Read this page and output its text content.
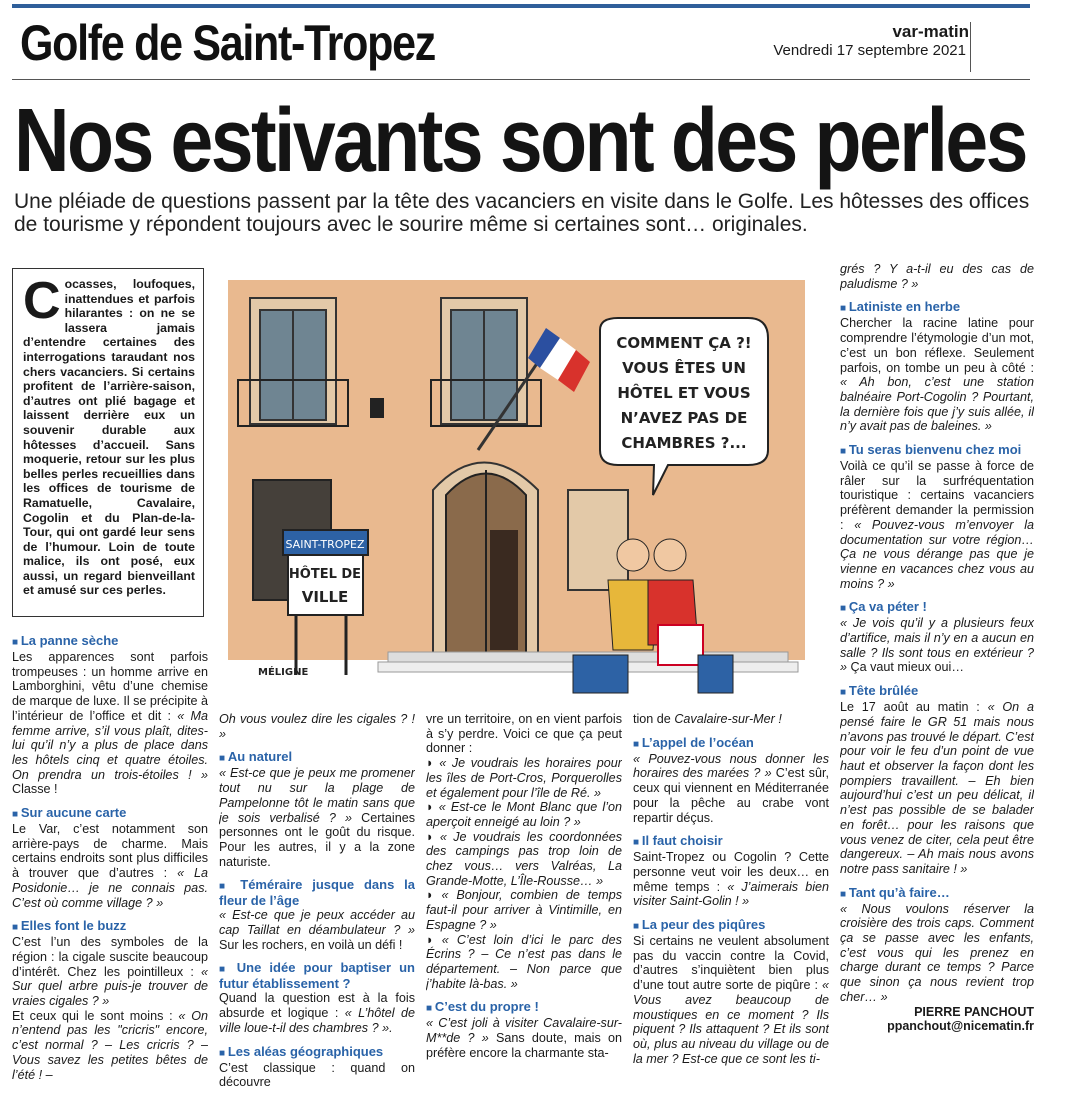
Golfe de Saint-Tropez	var-matin
Vendredi 17 septembre 2021
Nos estivants sont des perles

Une pléiade de questions passent par la tête des vacanciers en visite dans le Golfe. Les hôtesses des offices de tourisme y répondent toujours avec le sourire même si certaines sont… originales.

Cocasses, loufoques, inattendues et parfois hilarantes : on ne se lassera jamais d’entendre certaines des interrogations taraudant nos chers vacanciers. Si certains profitent de l’arrière-saison, d’autres ont plié bagage et laissent derrière eux un souvenir durable aux hôtesses d’accueil. Sans moquerie, retour sur les plus belles perles recueillies dans les offices de tourisme de Ramatuelle, Cavalaire, Cogolin et du Plan-de-la-Tour, qui ont gardé leur sens de l’humour. Loin de toute malice, ils ont posé, eux aussi, un regard bienveillant et amusé sur ces perles.
COMMENT ÇA ?!
VOUS ÊTES UN
HÔTEL ET VOUS
N’AVEZ PAS DE
CHAMBRES ?...
SAINT-TROPEZ
HÔTEL DE
VILLE
MÉLIGNE
■ La panne sèche

Les apparences sont parfois trompeuses : un homme arrive en Lamborghini, vêtu d’une chemise de marque de luxe. Il se précipite à l’intérieur de l’office et dit : « Ma femme arrive, s’il vous plaît, dites-lui qu’il n’y a plus de place dans les hôtels cinq et quatre étoiles. On prendra un trois-étoiles ! » Classe !

■ Sur aucune carte

Le Var, c’est notamment son arrière-pays de charme. Mais certains endroits sont plus difficiles à trouver que d’autres : « La Posidonie… je ne connais pas. C’est où comme village ? »

■ Elles font le buzz

C’est l’un des symboles de la région : la cigale suscite beaucoup d’intérêt. Chez les pointilleux : « Sur quel arbre puis-je trouver de vraies cigales ? »

Et ceux qui le sont moins : « On n’entend pas les "cricris" encore, c’est normal ? – Les cricris ? – Vous savez les petites bêtes de l’été ! –

Oh vous voulez dire les cigales ? ! »

■ Au naturel

« Est-ce que je peux me promener tout nu sur la plage de Pampelonne tôt le matin sans que je sois verbalisé ? » Certaines personnes ont le goût du risque. Pour les autres, il y a la zone naturiste.

■ Téméraire jusque dans la fleur de l’âge

« Est-ce que je peux accéder au cap Taillat en déambulateur ? » Sur les rochers, en voilà un défi !

■ Une idée pour baptiser un futur établissement ?

Quand la question est à la fois absurde et logique : « L’hôtel de ville loue-t-il des chambres ? ».

■ Les aléas géographiques

C’est classique : quand on découvre

vre un territoire, on en vient parfois à s’y perdre. Voici ce que ça peut donner :

◗ « Je voudrais les horaires pour les îles de Port-Cros, Porquerolles et également pour l’île de Ré. »

◗ « Est-ce le Mont Blanc que l’on aperçoit enneigé au loin ? »

◗ « Je voudrais les coordonnées des campings pas trop loin de chez vous… vers Valréas, La Grande-Motte, L’Île-Rousse… »

◗ « Bonjour, combien de temps faut-il pour arriver à Vintimille, en Espagne ? »

◗ « C’est loin d’ici le parc des Écrins ? – Ce n’est pas dans le département. – Non parce que j’habite là-bas. »

■ C’est du propre !

« C’est joli à visiter Cavalaire-sur-M**de ? » Sans doute, mais on préfère encore la charmante sta-

tion de Cavalaire-sur-Mer !

■ L’appel de l’océan

« Pouvez-vous nous donner les horaires des marées ? » C’est sûr, ceux qui viennent en Méditerranée pour la pêche au crabe vont repartir déçus.

■ Il faut choisir

Saint-Tropez ou Cogolin ? Cette personne veut voir les deux… en même temps : « J’aimerais bien visiter Saint-Golin ! »

■ La peur des piqûres

Si certains ne veulent absolument pas du vaccin contre la Covid, d’autres s’inquiètent bien plus d’une tout autre sorte de piqûre : « Vous avez beaucoup de moustiques en ce moment ? Ils piquent ? Ils attaquent ? Et ils sont où, plus au niveau du village ou de la mer ? Est-ce que ce sont les ti-

grés ? Y a-t-il eu des cas de paludisme ? »

■ Latiniste en herbe

Chercher la racine latine pour comprendre l’étymologie d’un mot, c’est un bon réflexe. Seulement parfois, on tombe un peu à côté : « Ah bon, c’est une station balnéaire Port-Cogolin ? Pourtant, la dernière fois que j’y suis allée, il n’y avait pas de baleines. »

■ Tu seras bienvenu chez moi

Voilà ce qu’il se passe à force de râler sur la surfréquentation touristique : certains vacanciers préfèrent demander la permission : « Pouvez-vous m’envoyer la documentation sur votre région… Ça ne vous dérange pas que je vienne en vacances chez vous au moins ? »

■ Ça va péter !

« Je vois qu’il y a plusieurs feux d’artifice, mais il n’y en a aucun en salle ? Ils sont tous en extérieur ? » Ça vaut mieux oui…

■ Tête brûlée

Le 17 août au matin : « On a pensé faire le GR 51 mais nous n’avons pas trouvé le départ. C’est pour voir le feu d’un point de vue haut et observer la façon dont les pompiers travaillent. – Eh bien aujourd’hui c’est un peu délicat, il n’est pas possible de se balader en forêt… pour les raisons que vous venez de citer, cela peut être dangereux. – Ah mais nous avons notre pass sanitaire ! »

■ Tant qu’à faire…

« Nous voulons réserver la croisière des trois caps. Comment ça se passe avec les enfants, c’est vous qui les prenez en charge durant ce temps ? Parce que sinon ça nous revient trop cher… »

PIERRE PANCHOUT

ppanchout@nicematin.fr
